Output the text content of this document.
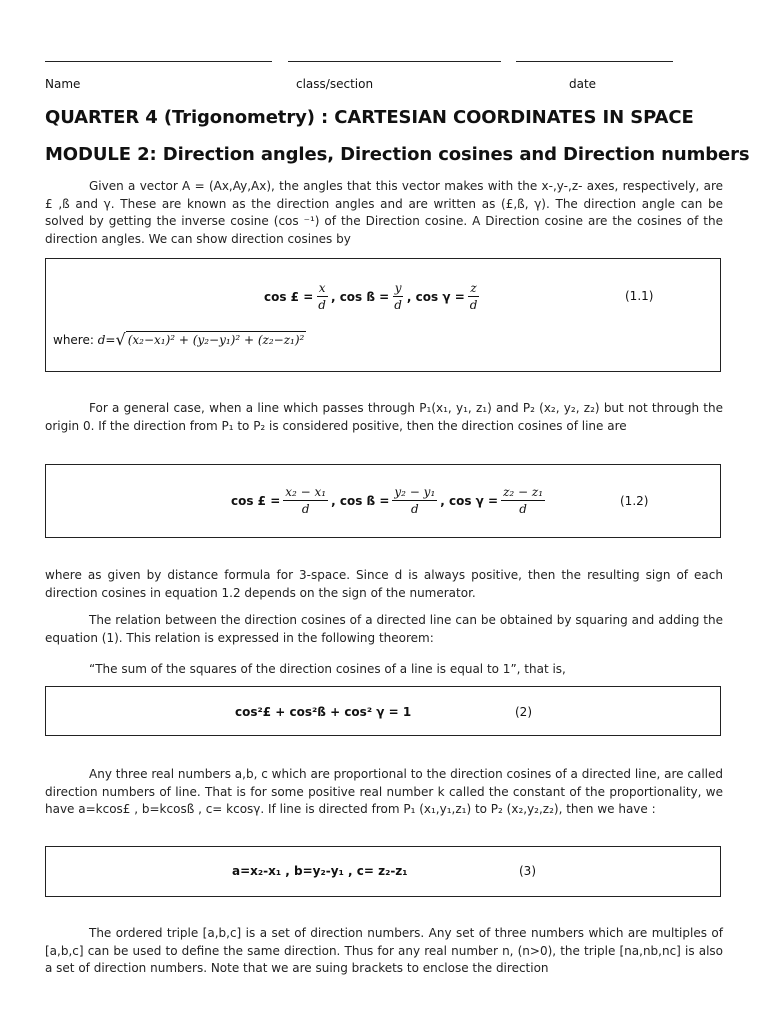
Name	class/section	date
QUARTER 4 (Trigonometry) : CARTESIAN COORDINATES IN SPACE
MODULE 2: Direction angles, Direction cosines and Direction numbers

Given a vector A = (Ax,Ay,Ax), the angles that this vector makes with the x-,y-,z- axes, respectively, are £ ,ß and γ. These are known as the direction angles and are written as (£,ß, γ). The direction angle can be solved by getting the inverse cosine (cos ⁻¹) of the Direction cosine. A Direction cosine are the cosines of the direction angles. We can show direction cosines by

cos £ = $\frac{x}{d}$ , cos ß = $\frac{y}{d}$ , $\cos \gamma = \frac{z}{d}$	(1.1)
where:
d= √ (x₂−x₁)² + (y₂−y₁)² + (z₂−z₁)²

For a general case, when a line which passes through P₁(x₁, y₁, z₁) and P₂ (x₂, y₂, z₂) but not through the origin 0. If the direction from P₁ to P₂ is considered positive, then the direction cosines of line are

cos £ = $\frac{\text{x₂ − x₁}}{d}$ , cos ß = $\frac{\text{y₂ − y₁}}{d}$ , $\cos \gamma = \frac{\text{z₂ − z₁}}{d}$	(1.2)

where as given by distance formula for 3-space. Since d is always positive, then the resulting sign of each direction cosines in equation 1.2 depends on the sign of the numerator.

The relation between the direction cosines of a directed line can be obtained by squaring and adding the equation (1). This relation is expressed in the following theorem:

“The sum of the squares of the direction cosines of a line is equal to 1”, that is,

cos²£ + cos²ß + cos² γ = 1	(2)

Any three real numbers a,b, c which are proportional to the direction cosines of a directed line, are called direction numbers of line. That is for some positive real number k called the constant of the proportionality, we have a=kcos£ , b=kcosß , c= kcosγ. If line is directed from P₁ (x₁,y₁,z₁) to P₂ (x₂,y₂,z₂), then we have :

a=x₂-x₁ , b=y₂-y₁ , c= z₂-z₁	(3)

The ordered triple [a,b,c] is a set of direction numbers. Any set of three numbers which are multiples of [a,b,c] can be used to define the same direction. Thus for any real number n, (n>0), the triple [na,nb,nc] is also a set of direction numbers. Note that we are suing brackets to enclose the direction
